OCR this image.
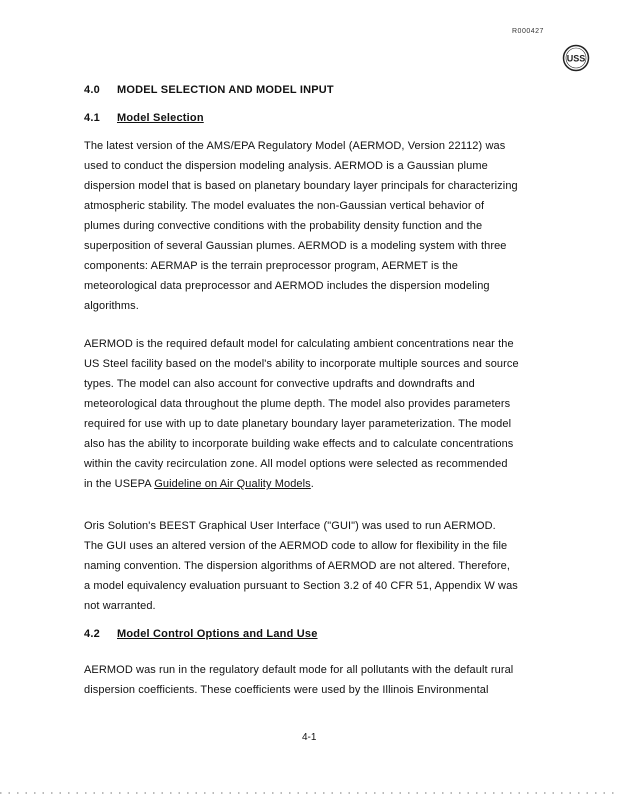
R000427
USS
4.0 MODEL SELECTION AND MODEL INPUT
4.1 Model Selection
The latest version of the AMS/EPA Regulatory Model (AERMOD, Version 22112) was
used to conduct the dispersion modeling analysis. AERMOD is a Gaussian plume
dispersion model that is based on planetary boundary layer principals for characterizing
atmospheric stability. The model evaluates the non-Gaussian vertical behavior of
plumes during convective conditions with the probability density function and the
superposition of several Gaussian plumes. AERMOD is a modeling system with three
components: AERMAP is the terrain preprocessor program, AERMET is the
meteorological data preprocessor and AERMOD includes the dispersion modeling
algorithms.
AERMOD is the required default model for calculating ambient concentrations near the
US Steel facility based on the model's ability to incorporate multiple sources and source
types. The model can also account for convective updrafts and downdrafts and
meteorological data throughout the plume depth. The model also provides parameters
required for use with up to date planetary boundary layer parameterization. The model
also has the ability to incorporate building wake effects and to calculate concentrations
within the cavity recirculation zone. All model options were selected as recommended
in the USEPA Guideline on Air Quality Models.
Oris Solution's BEEST Graphical User Interface ("GUI") was used to run AERMOD.
The GUI uses an altered version of the AERMOD code to allow for flexibility in the file
naming convention. The dispersion algorithms of AERMOD are not altered. Therefore,
a model equivalency evaluation pursuant to Section 3.2 of 40 CFR 51, Appendix W was
not warranted.
4.2 Model Control Options and Land Use
AERMOD was run in the regulatory default mode for all pollutants with the default rural
dispersion coefficients. These coefficients were used by the Illinois Environmental
4-1
